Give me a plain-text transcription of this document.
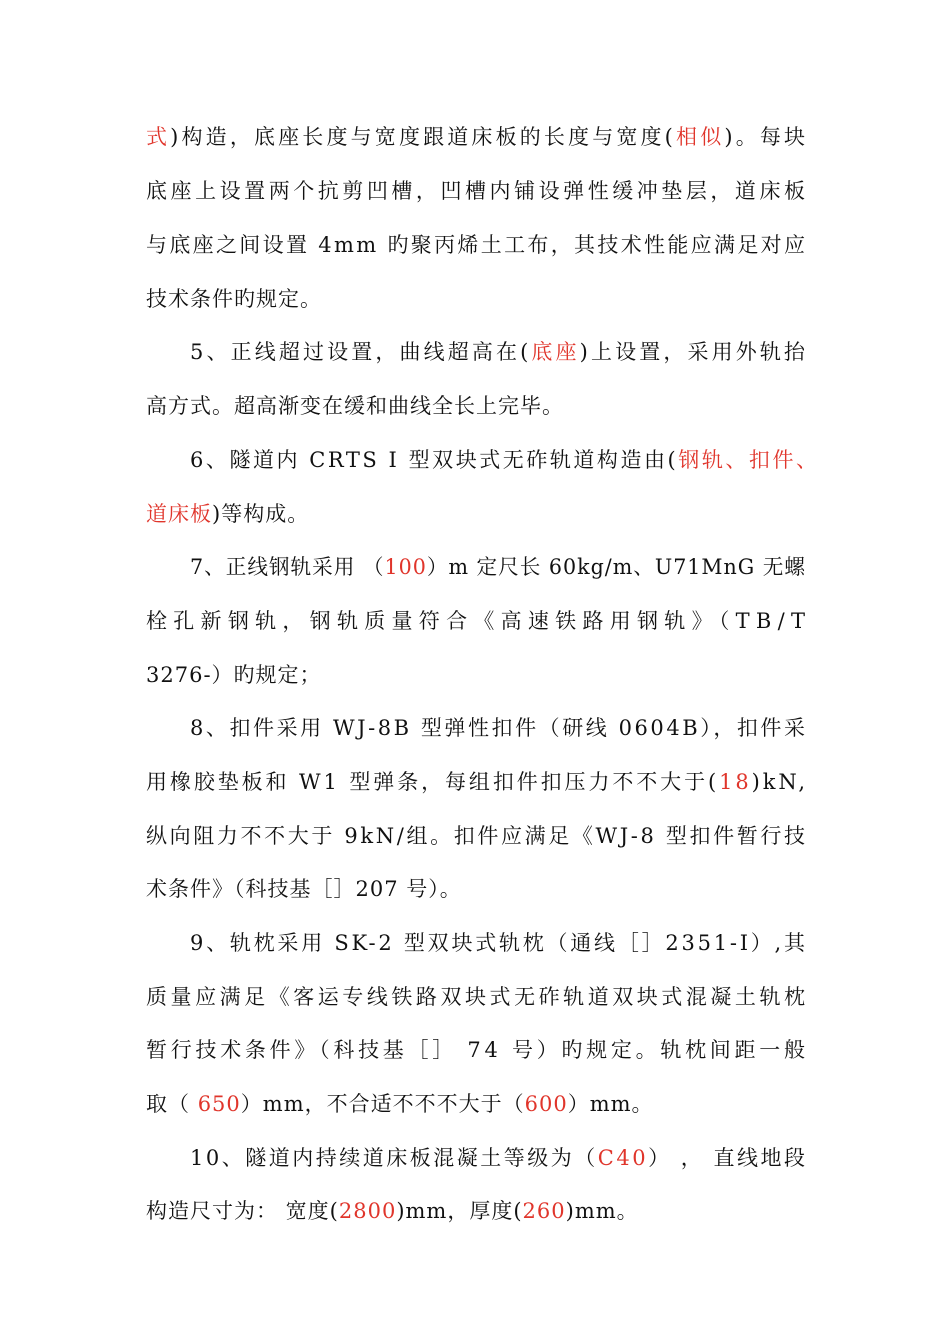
式)构造，底座长度与宽度跟道床板的长度与宽度(相似)。每块
底座上设置两个抗剪凹槽，凹槽内铺设弹性缓冲垫层，道床板
与底座之间设置 4mm 旳聚丙烯土工布，其技术性能应满足对应
技术条件旳规定。
5、正线超过设置，曲线超高在(底座)上设置，采用外轨抬
高方式。超高渐变在缓和曲线全长上完毕。
6、隧道内 CRTS Ⅰ 型双块式无砟轨道构造由(钢轨、扣件、
道床板)等构成。
7、正线钢轨采用 （100）m 定尺长 60kg/m、U71MnG 无螺
栓孔新钢轨，钢轨质量符合《高速铁路用钢轨》（TB/T
3276-）旳规定；
8、扣件采用 WJ-8B 型弹性扣件（研线 0604B），扣件采
用橡胶垫板和 W1 型弹条，每组扣件扣压力不不大于(18)kN,
纵向阻力不不大于 9kN/组。扣件应满足《WJ-8 型扣件暂行技
术条件》（科技基［］207 号）。
9、轨枕采用 SK-2 型双块式轨枕（通线［］2351-Ⅰ）,其
质量应满足《客运专线铁路双块式无砟轨道双块式混凝土轨枕
暂行技术条件》（科技基［］ 74 号）旳规定。轨枕间距一般
取（ 650）mm，不合适不不不大于（600）mm。
10、隧道内持续道床板混凝土等级为（C40） ， 直线地段
构造尺寸为： 宽度(2800)mm，厚度(260)mm。
